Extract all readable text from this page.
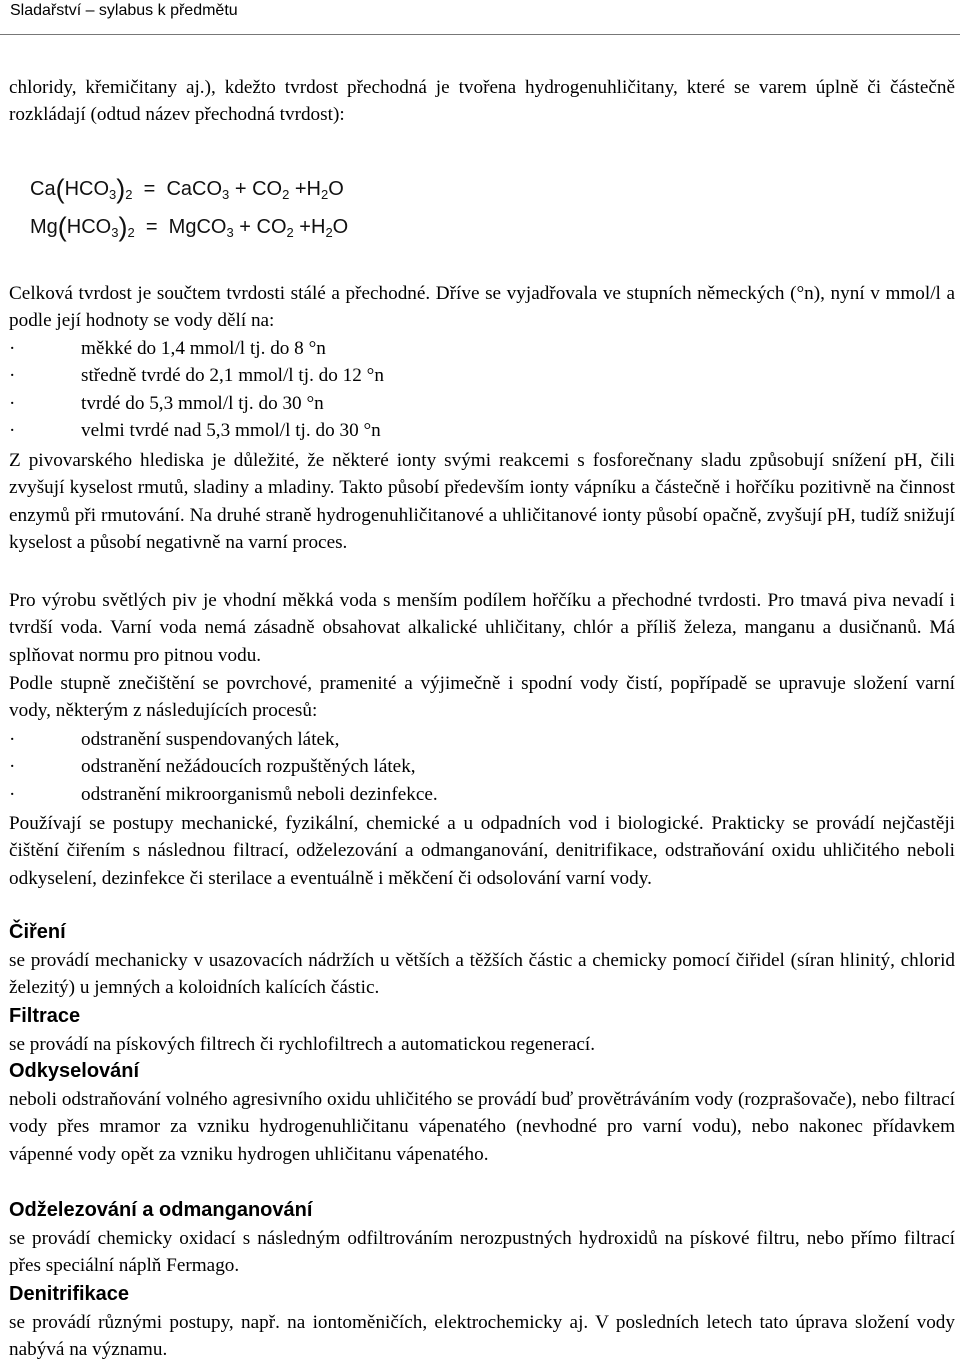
Sladařství – sylabus k předmětu

chloridy, křemičitany aj.), kdežto tvrdost přechodná je tvořena hydrogenuhličitany, které se varem úplně či částečně rozkládají (odtud název přechodná tvrdost):

$Ca(HCO_3)_2$ = CaCO$_3$ + $CO_2 +H_2O$
$Mg(HCO_3)_2$ = MgCO$_3$ + $CO_2 +H_2O$

Celková tvrdost je součtem tvrdosti stálé a přechodné. Dříve se vyjadřovala ve stupních německých (°n), nyní v mmol/l a podle její hodnoty se vody dělí na:

·	měkké do 1,4 mmol/l tj. do 8 °n
·	středně tvrdé do 2,1 mmol/l tj. do 12 °n
·	tvrdé do 5,3 mmol/l tj. do 30 °n
·	velmi tvrdé nad 5,3 mmol/l tj. do 30 °n

Z pivovarského hlediska je důležité, že některé ionty svými reakcemi s fosforečnany sladu způsobují snížení pH, čili zvyšují kyselost rmutů, sladiny a mladiny. Takto působí především ionty vápníku a částečně i hořčíku pozitivně na činnost enzymů při rmutování. Na druhé straně hydrogenuhličitanové a uhličitanové ionty působí opačně, zvyšují pH, tudíž snižují kyselost a působí negativně na varní proces.

Pro výrobu světlých piv je vhodní měkká voda s menším podílem hořčíku a přechodné tvrdosti. Pro tmavá piva nevadí i tvrdší voda. Varní voda nemá zásadně obsahovat alkalické uhličitany, chlór a příliš železa, manganu a dusičnanů. Má splňovat normu pro pitnou vodu.

Podle stupně znečištění se povrchové, pramenité a výjimečně i spodní vody čistí, popřípadě se upravuje složení varní vody, některým z následujících procesů:

·	odstranění suspendovaných látek,
·	odstranění nežádoucích rozpuštěných látek,
·	odstranění mikroorganismů neboli dezinfekce.

Používají se postupy mechanické, fyzikální, chemické a u odpadních vod i biologické. Prakticky se provádí nejčastěji čištění čiřením s následnou filtrací, odželezování a odmanganování, denitrifikace, odstraňování oxidu uhličitého neboli odkyselení, dezinfekce či sterilace a eventuálně i měkčení či odsolování varní vody.

Čiření

se provádí mechanicky v usazovacích nádržích u větších a těžších částic a chemicky pomocí čiřidel (síran hlinitý, chlorid železitý) u jemných a koloidních kalících částic.

Filtrace

se provádí na pískových filtrech či rychlofiltrech a automatickou regenerací.

Odkyselování

neboli odstraňování volného agresivního oxidu uhličitého se provádí buď provětráváním vody (rozprašovače), nebo filtrací vody přes mramor za vzniku hydrogenuhličitanu vápenatého (nevhodné pro varní vodu), nebo nakonec přídavkem vápenné vody opět za vzniku hydrogen uhličitanu vápenatého.

Odželezování a odmanganování

se provádí chemicky oxidací s následným odfiltrováním nerozpustných hydroxidů na pískové filtru, nebo přímo filtrací přes speciální náplň Fermago.

Denitrifikace

se provádí různými postupy, např. na iontoměničích, elektrochemicky aj. V posledních letech tato úprava složení vody nabývá na významu.
